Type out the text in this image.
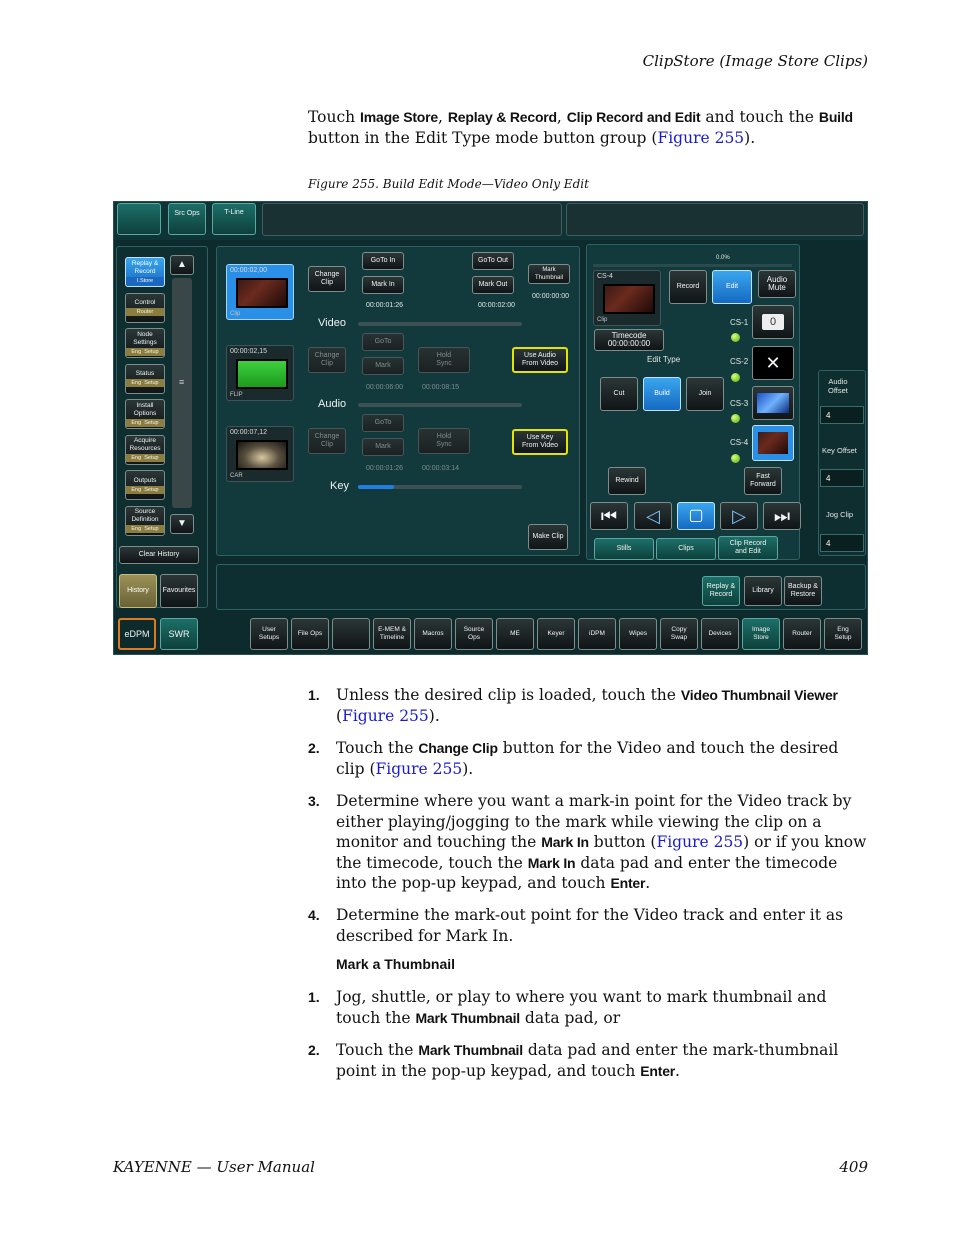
ClipStore (Image Store Clips)

Touch Image Store, Replay & Record, Clip Record and Edit and touch the Build button in the Edit Type mode button group (Figure 255).

Figure 255. Build Edit Mode—Video Only Edit
Src Ops	T-Line
Replay &
Record
I.Store
Control
Router
Node
Settings
Eng  Setup
Status
Eng  Setup
Install
Options
Eng  Setup
Acquire
Resources
Eng  Setup
Outputs
Eng  Setup
Source
Definition
Eng  Setup
▲
≡
▼
Clear History
History	Favourites
eDPM	SWR
00:00:02,00
Clip
Change
Clip
Video
GoTo In
Mark In
00:00:01:26
GoTo Out
Mark Out
00:00:02:00
Mark
Thumbnail
00:00:00:00
00:00:02,15
FLIP
Change
Clip
GoTo
Mark
Hold
Sync
00:00:06:00	00:00:08:15
Use Audio
From Video
Audio
00:00:07,12
CAR
Change
Clip
GoTo
Mark
Hold
Sync
00:00:01:26	00:00:03:14
Use Key
From Video
Key
Make Clip
0.0%
CS-4
Clip
Record	Edit
Audio
Mute
Timecode
00:00:00:00
Edit Type
Cut	Build	Join
CS-1	0
CS-2 ✕
CS-3
CS-4
Rewind
Fast
Forward
⏮	◁	▢	▷	⏭
Stills	Clips
Clip Record
and Edit
Audio
Offset
4
Key Offset
4
Jog Clip
4
Replay &
Record
Library
Backup &
Restore
User
Setups
File Ops
E-MEM &
Timeline
Macros
Source
Ops
ME	Keyer	iDPM	Wipes
Copy
Swap
Devices
Image
Store
Router
Eng
Setup
1. Unless the desired clip is loaded, touch the Video Thumbnail Viewer (Figure 255).
2. Touch the Change Clip button for the Video and touch the desired clip (Figure 255).
3. Determine where you want a mark-in point for the Video track by either playing/jogging to the mark while viewing the clip on a monitor and touching the Mark In button (Figure 255) or if you know the timecode, touch the Mark In data pad and enter the timecode into the pop-up keypad, and touch Enter.
4. Determine the mark-out point for the Video track and enter it as described for Mark In.
Mark a Thumbnail
1. Jog, shuttle, or play to where you want to mark thumbnail and touch the Mark Thumbnail data pad, or
2. Touch the Mark Thumbnail data pad and enter the mark-thumbnail point in the pop-up keypad, and touch Enter.
KAYENNE — User Manual	409
